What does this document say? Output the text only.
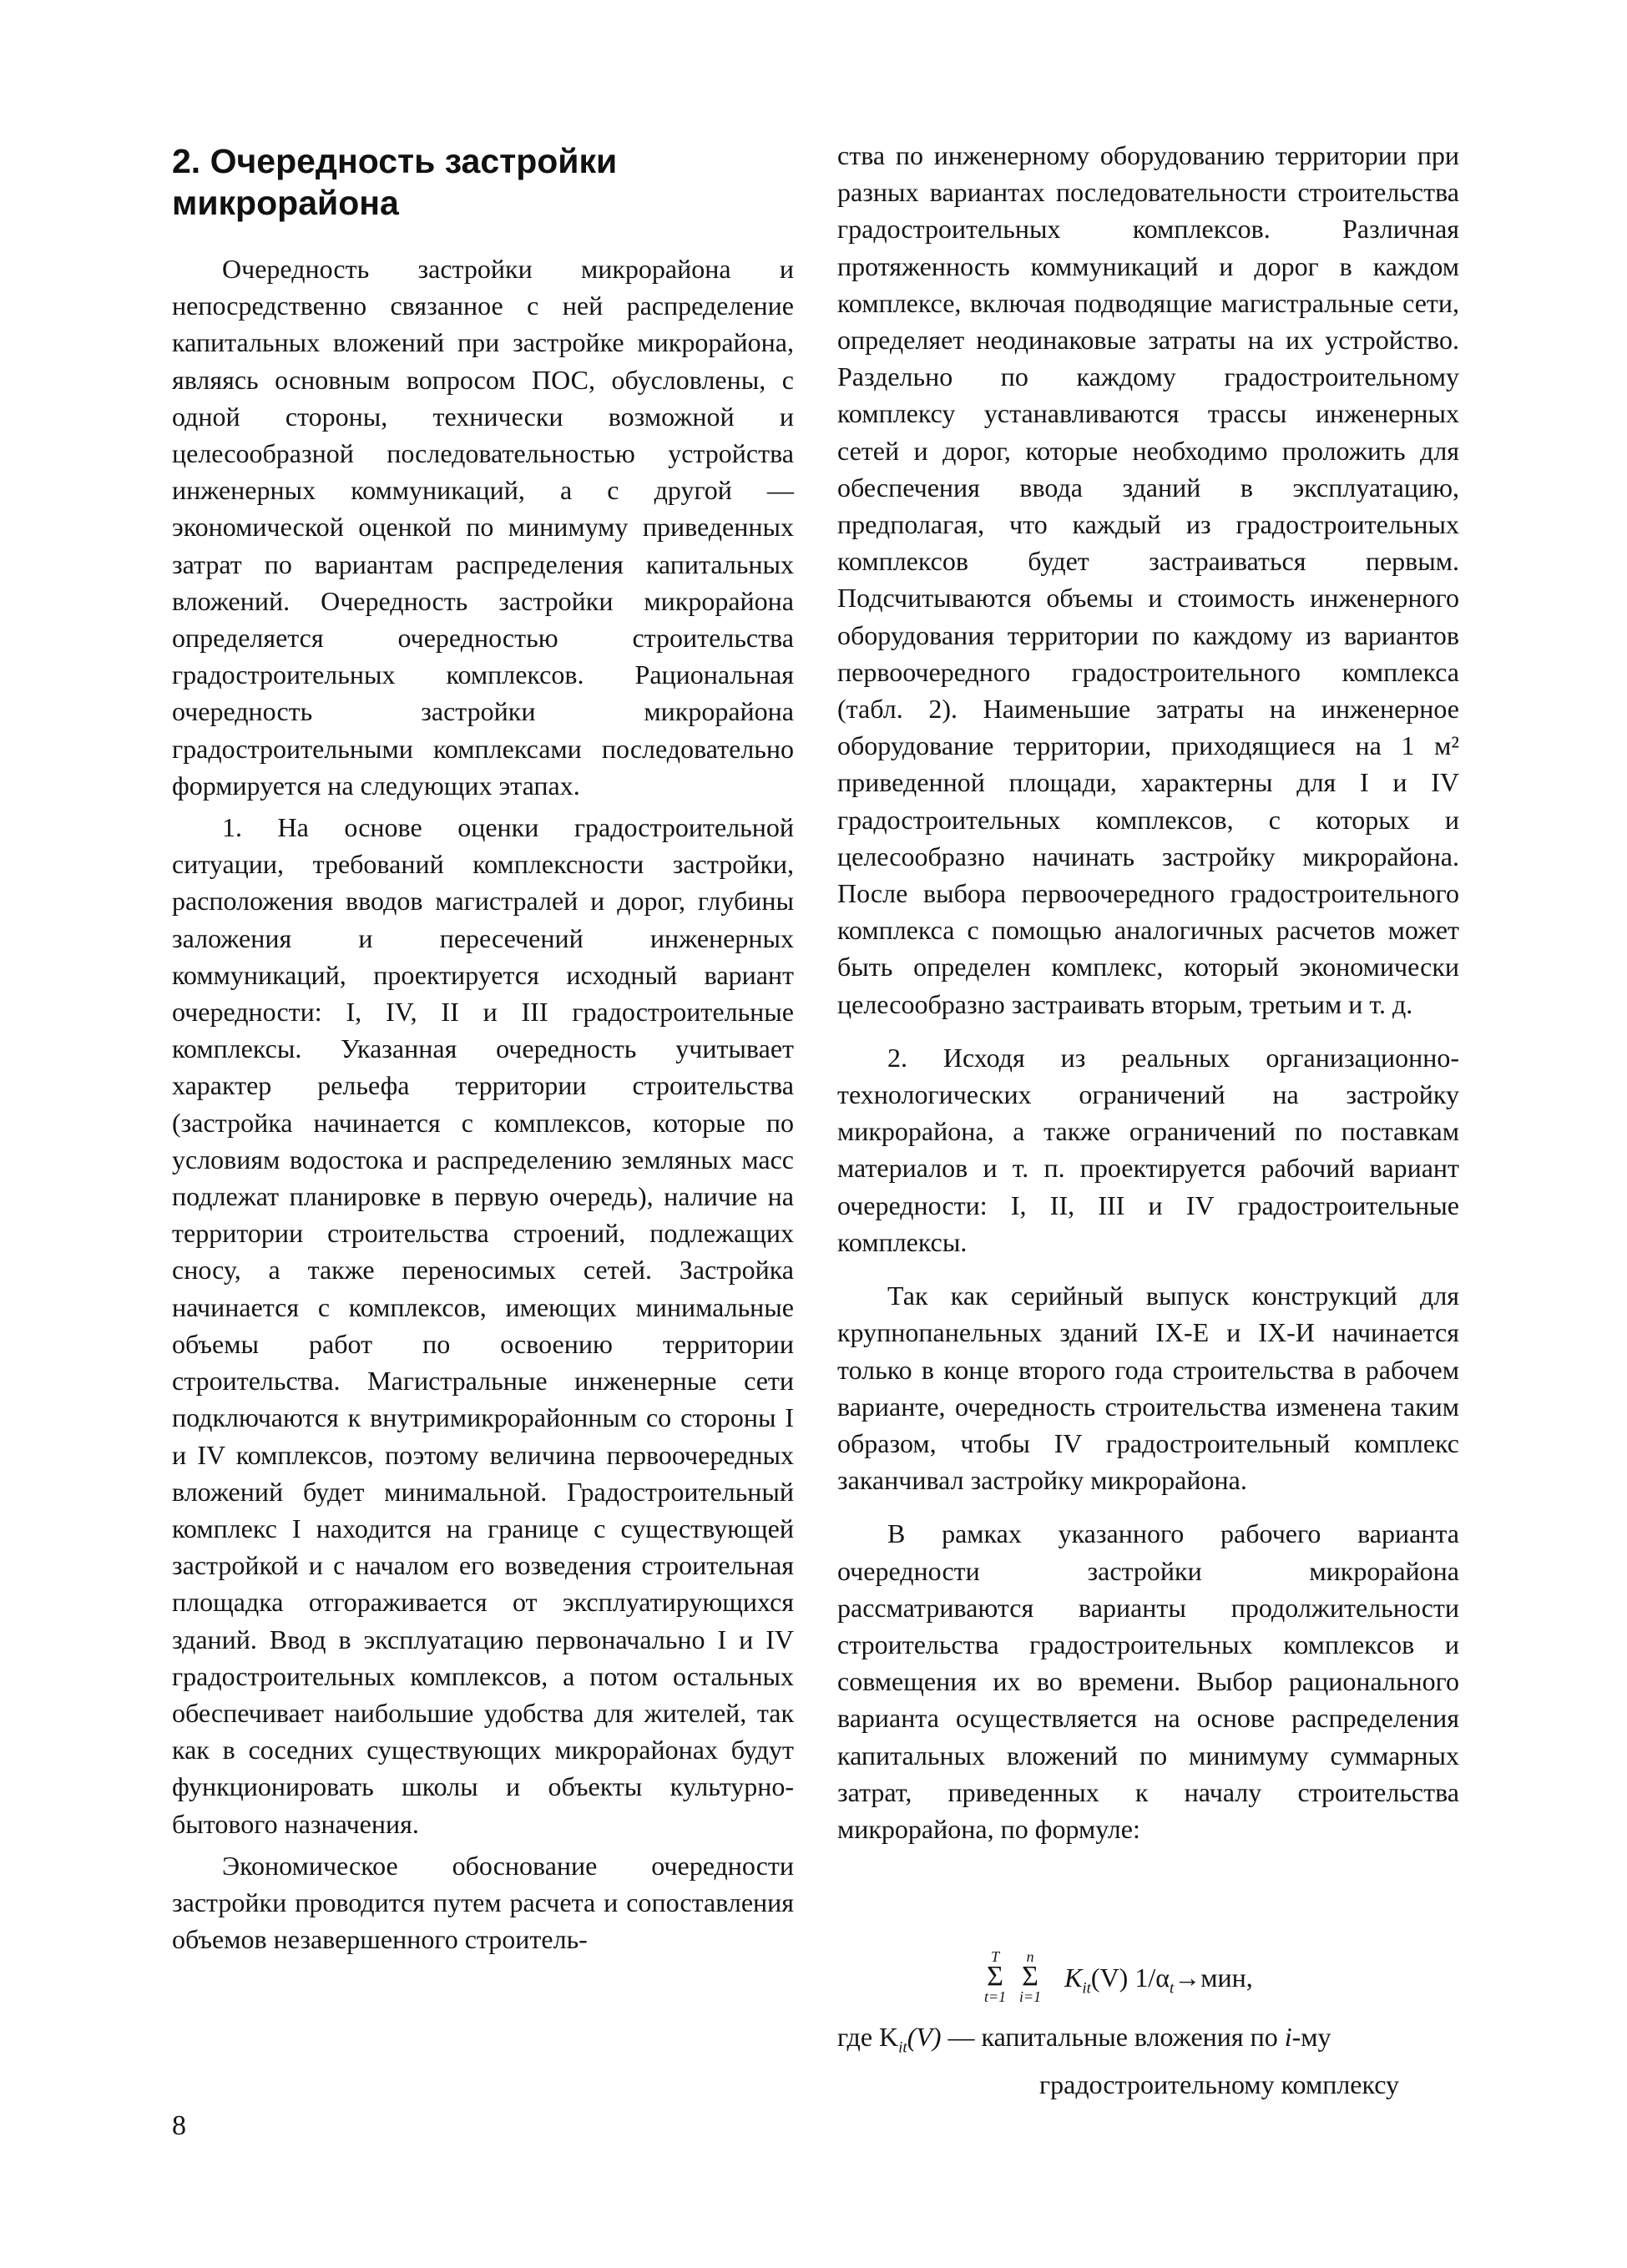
2. Очередность застройки
микрорайона

Очередность застройки микрорайона и непосредственно связанное с ней распределение капитальных вложений при застройке микрорайона, являясь основным вопросом ПОС, обусловлены, с одной стороны, технически возможной и целесообразной последовательностью устройства инженерных коммуникаций, а с другой — экономической оценкой по минимуму приведенных затрат по вариантам распределения капитальных вложений. Очередность застройки микрорайона определяется очередностью строительства градостроительных комплексов. Рациональная очередность застройки микрорайона градостроительными комплексами последовательно формируется на следующих этапах.

1. На основе оценки градостроительной ситуации, требований комплексности застройки, расположения вводов магистралей и дорог, глубины заложения и пересечений инженерных коммуникаций, проектируется исходный вариант очередности: I, IV, II и III градостроительные комплексы. Указанная очередность учитывает характер рельефа территории строительства (застройка начинается с комплексов, которые по условиям водостока и распределению земляных масс подлежат планировке в первую очередь), наличие на территории строительства строений, подлежащих сносу, а также переносимых сетей. Застройка начинается с комплексов, имеющих минимальные объемы работ по освоению территории строительства. Магистральные инженерные сети подключаются к внутримикрорайонным со стороны I и IV комплексов, поэтому величина первоочередных вложений будет минимальной. Градостроительный комплекс I находится на границе с существующей застройкой и с началом его возведения строительная площадка отгораживается от эксплуатирующихся зданий. Ввод в эксплуатацию первоначально I и IV градостроительных комплексов, а потом остальных обеспечивает наибольшие удобства для жителей, так как в соседних существующих микрорайонах будут функционировать школы и объекты культурно-бытового назначения.

Экономическое обоснование очередности застройки проводится путем расчета и сопоставления объемов незавершенного строитель-

ства по инженерному оборудованию территории при разных вариантах последовательности строительства градостроительных комплексов. Различная протяженность коммуникаций и дорог в каждом комплексе, включая подводящие магистральные сети, определяет неодинаковые затраты на их устройство. Раздельно по каждому градостроительному комплексу устанавливаются трассы инженерных сетей и дорог, которые необходимо проложить для обеспечения ввода зданий в эксплуатацию, предполагая, что каждый из градостроительных комплексов будет застраиваться первым. Подсчитываются объемы и стоимость инженерного оборудования территории по каждому из вариантов первоочередного градостроительного комплекса (табл. 2). Наименьшие затраты на инженерное оборудование территории, приходящиеся на 1 м² приведенной площади, характерны для I и IV градостроительных комплексов, с которых и целесообразно начинать застройку микрорайона. После выбора первоочередного градостроительного комплекса с помощью аналогичных расчетов может быть определен комплекс, который экономически целесообразно застраивать вторым, третьим и т. д.

2. Исходя из реальных организационно-технологических ограничений на застройку микрорайона, а также ограничений по поставкам материалов и т. п. проектируется рабочий вариант очередности: I, II, III и IV градостроительные комплексы.

Так как серийный выпуск конструкций для крупнопанельных зданий IX-Е и IX-И начинается только в конце второго года строительства в рабочем варианте, очередность строительства изменена таким образом, чтобы IV градостроительный комплекс заканчивал застройку микрорайона.

В рамках указанного рабочего варианта очередности застройки микрорайона рассматриваются варианты продолжительности строительства градостроительных комплексов и совмещения их во времени. Выбор рационального варианта осуществляется на основе распределения капитальных вложений по минимуму суммарных затрат, приведенных к началу строительства микрорайона, по формуле:

T
Σ
t=1
n
Σ
i=1
$K_{it}(V)$ $1/\alpha_t\to мин$,
где $K_{it}(V)$ — капитальные вложения по i-му
градостроительному комплексу
8
